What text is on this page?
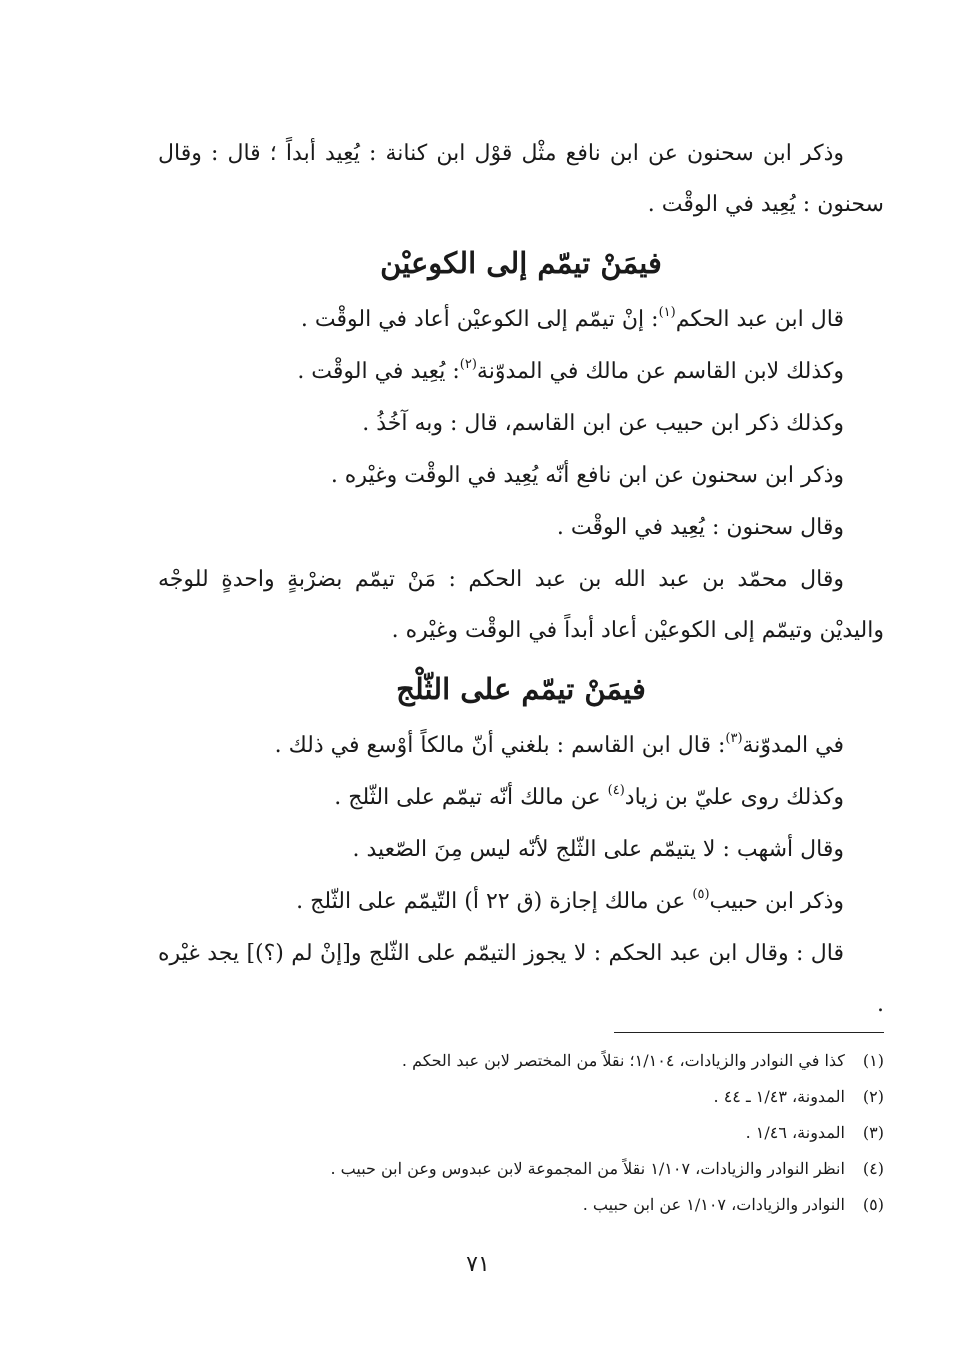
وذكر ابن سحنون عن ابن نافع مثْل قوْل ابن كنانة : يُعِيد أبداً ؛ قال : وقال سحنون : يُعِيد في الوقْت .

فيمَنْ تيمّم إلى الكوعيْن

قال ابن عبد الحكم$^{(١)}$: إنْ تيمّم إلى الكوعيْن أعاد في الوقْت .

وكذلك لابن القاسم عن مالك في المدوّنة$^{(٢)}$: يُعِيد في الوقْت .

وكذلك ذكر ابن حبيب عن ابن القاسم، قال : وبه آخُذُ .

وذكر ابن سحنون عن ابن نافع أنّه يُعِيد في الوقْت وغيْره .

وقال سحنون : يُعِيد في الوقْت .

وقال محمّد بن عبد الله بن عبد الحكم : مَنْ تيمّم بضرْبةٍ واحدةٍ للوجْه واليديْن وتيمّم إلى الكوعيْن أعاد أبداً في الوقْت وغيْره .

فيمَنْ تيمّم على الثّلْج

في المدوّنة$^{(٣)}$: قال ابن القاسم : بلغني أنّ مالكاً أوْسع في ذلك .

وكذلك روى عليّ بن زياد$^{(٤)}$ عن مالك أنّه تيمّم على الثّلج .

وقال أشهب : لا يتيمّم على الثّلج لأنّه ليس مِنَ الصّعيد .

وذكر ابن حبيب$^{(٥)}$ عن مالك إجازة (ق ٢٢ أ) التّيمّم على الثّلج .

قال : وقال ابن عبد الحكم : لا يجوز التيمّم على الثّلج و[إنْ لم (؟)] يجد غيْره .

(١) كذا في النوادر والزيادات، ١/١٠٤؛ نقلاً من المختصر لابن عبد الحكم .
(٢) المدونة، ١/٤٣ ـ ٤٤ .
(٣) المدونة، ١/٤٦ .
(٤) انظر النوادر والزيادات، ١/١٠٧ نقلاً من المجموعة لابن عبدوس وعن ابن حبيب .
(٥) النوادر والزيادات، ١/١٠٧ عن ابن حبيب .
٧١
